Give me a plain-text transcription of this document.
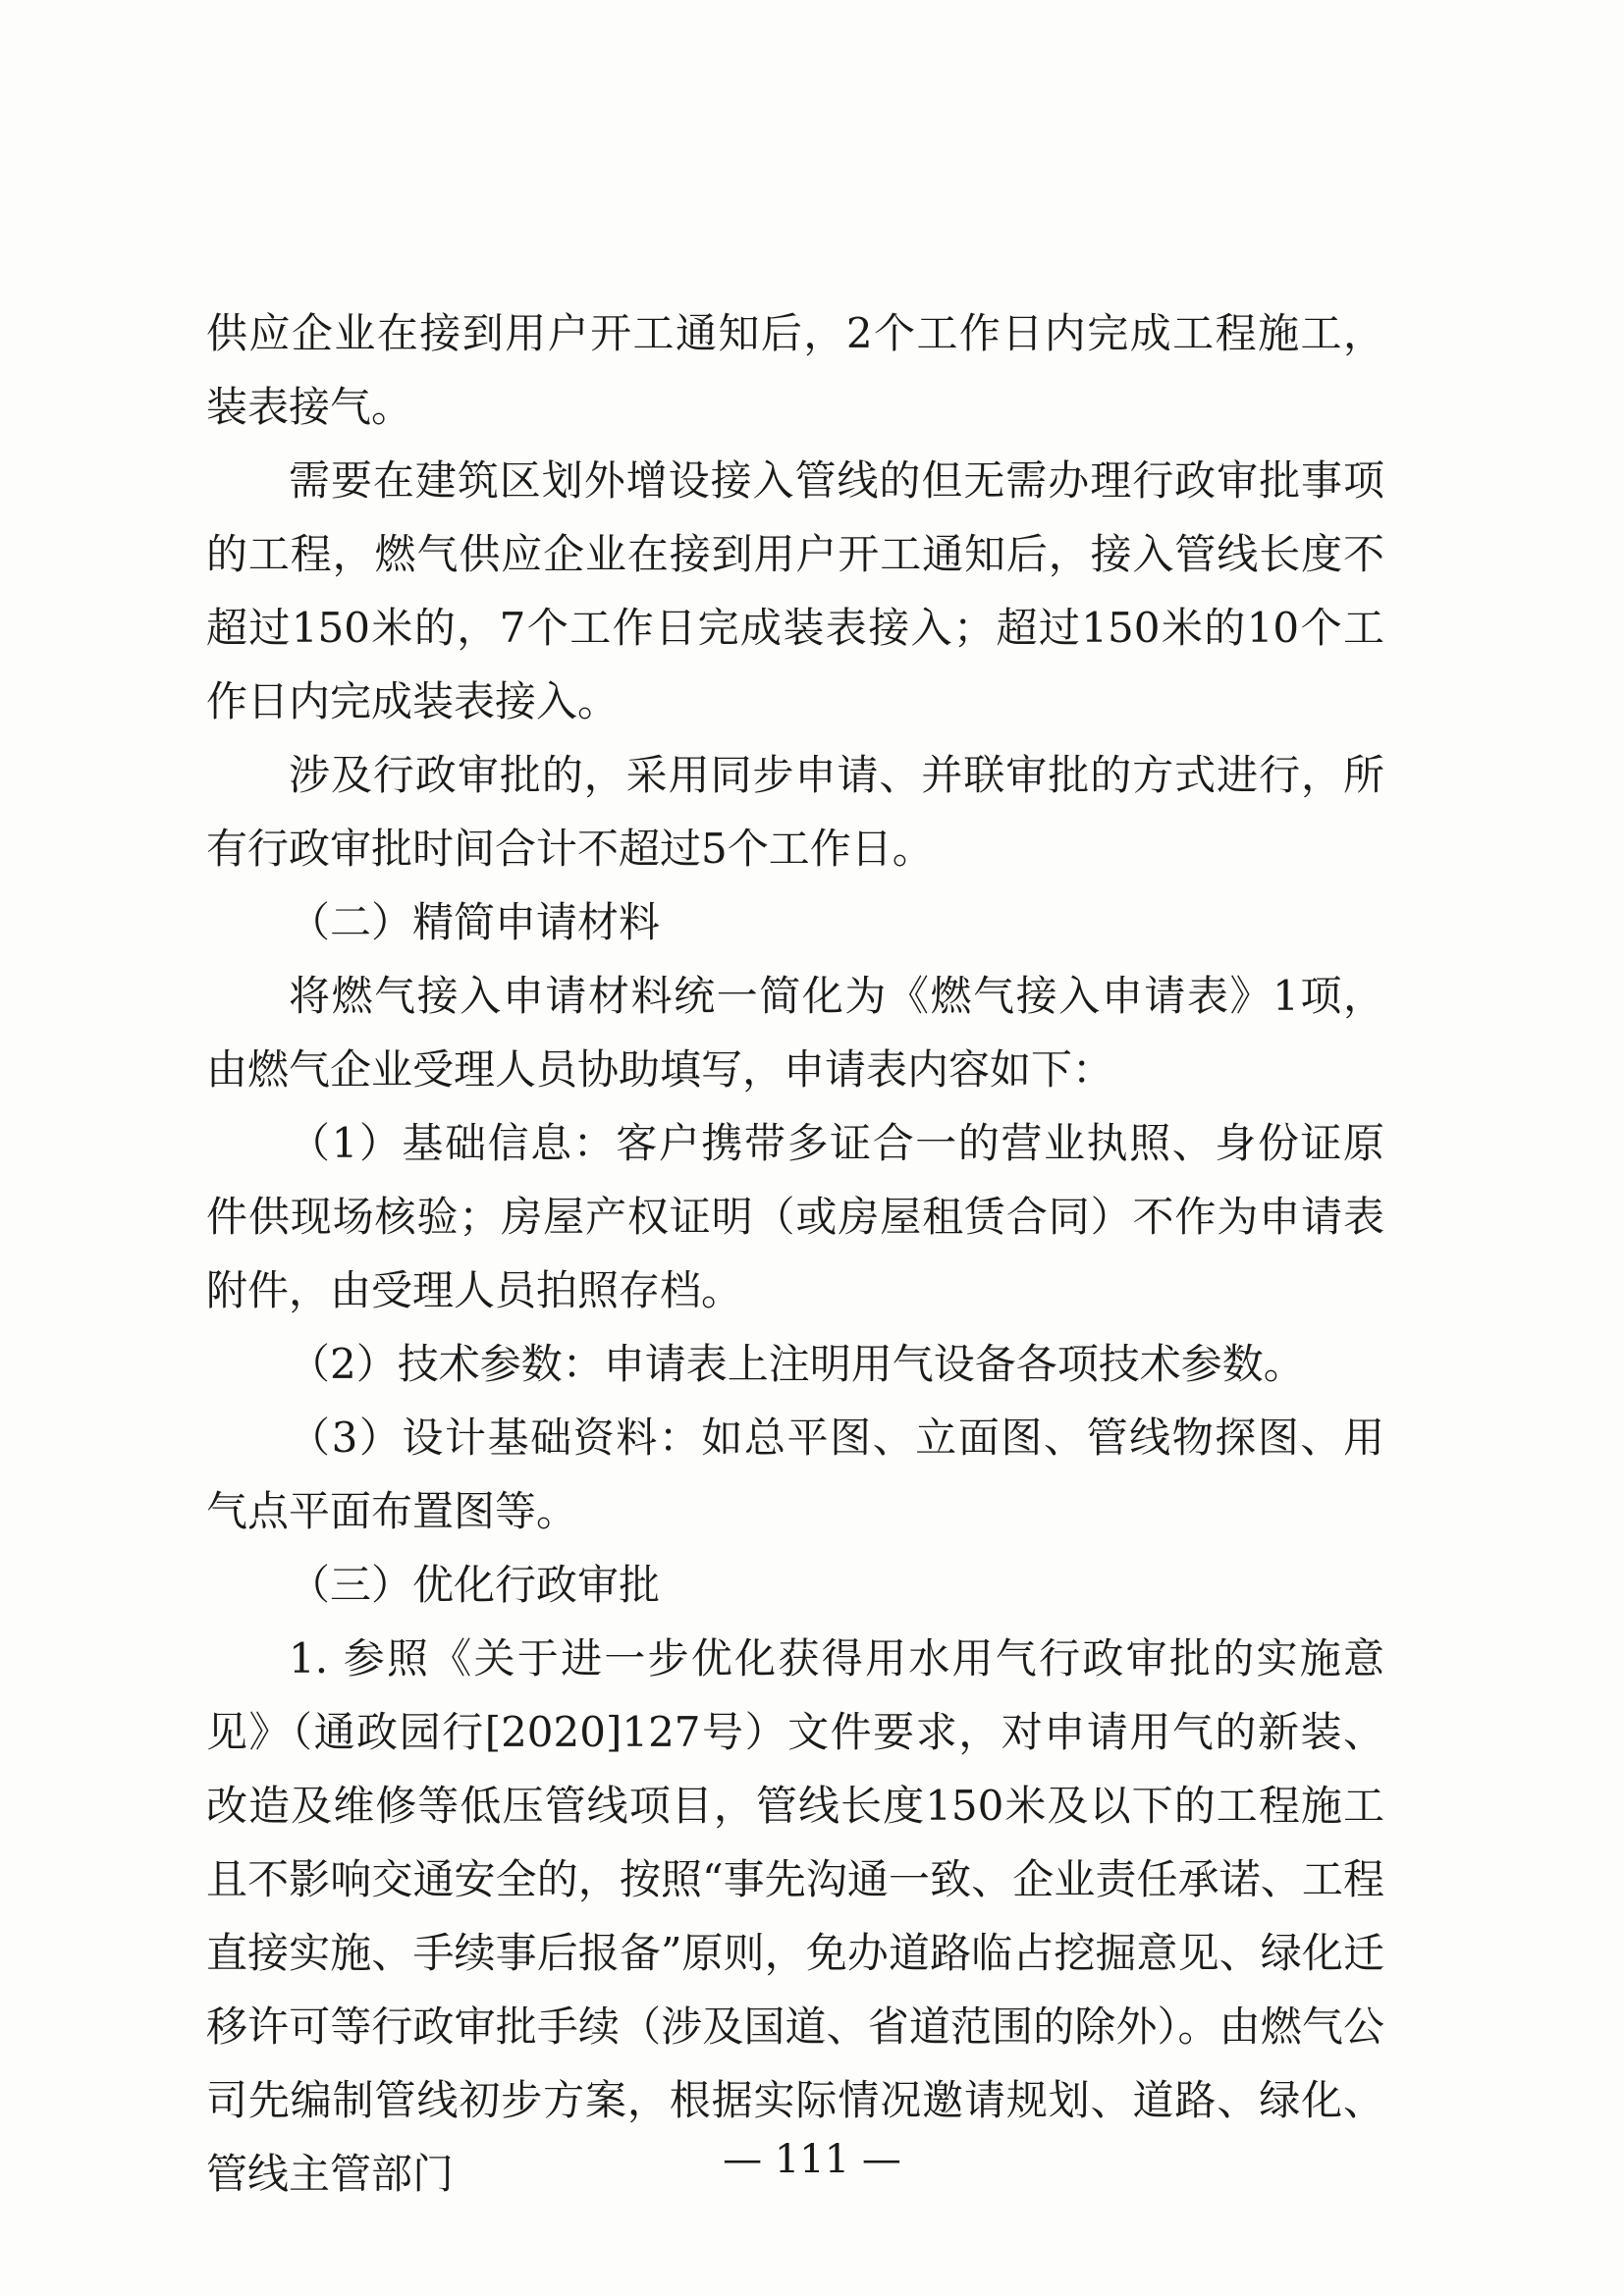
供应企业在接到用户开工通知后，2个工作日内完成工程施工，装表接气。

需要在建筑区划外增设接入管线的但无需办理行政审批事项的工程，燃气供应企业在接到用户开工通知后，接入管线长度不超过150米的，7个工作日完成装表接入；超过150米的10个工作日内完成装表接入。

涉及行政审批的，采用同步申请、并联审批的方式进行，所有行政审批时间合计不超过5个工作日。

（二）精简申请材料

将燃气接入申请材料统一简化为《燃气接入申请表》1项，由燃气企业受理人员协助填写，申请表内容如下：

（1）基础信息：客户携带多证合一的营业执照、身份证原件供现场核验；房屋产权证明（或房屋租赁合同）不作为申请表附件，由受理人员拍照存档。

（2）技术参数：申请表上注明用气设备各项技术参数。

（3）设计基础资料：如总平图、立面图、管线物探图、用气点平面布置图等。

（三）优化行政审批

1. 参照《关于进一步优化获得用水用气行政审批的实施意见》（通政园行[2020]127号）文件要求，对申请用气的新装、改造及维修等低压管线项目，管线长度150米及以下的工程施工且不影响交通安全的，按照“事先沟通一致、企业责任承诺、工程直接实施、手续事后报备”原则，免办道路临占挖掘意见、绿化迁移许可等行政审批手续（涉及国道、省道范围的除外）。由燃气公司先编制管线初步方案，根据实际情况邀请规划、道路、绿化、管线主管部门	— 111 —
